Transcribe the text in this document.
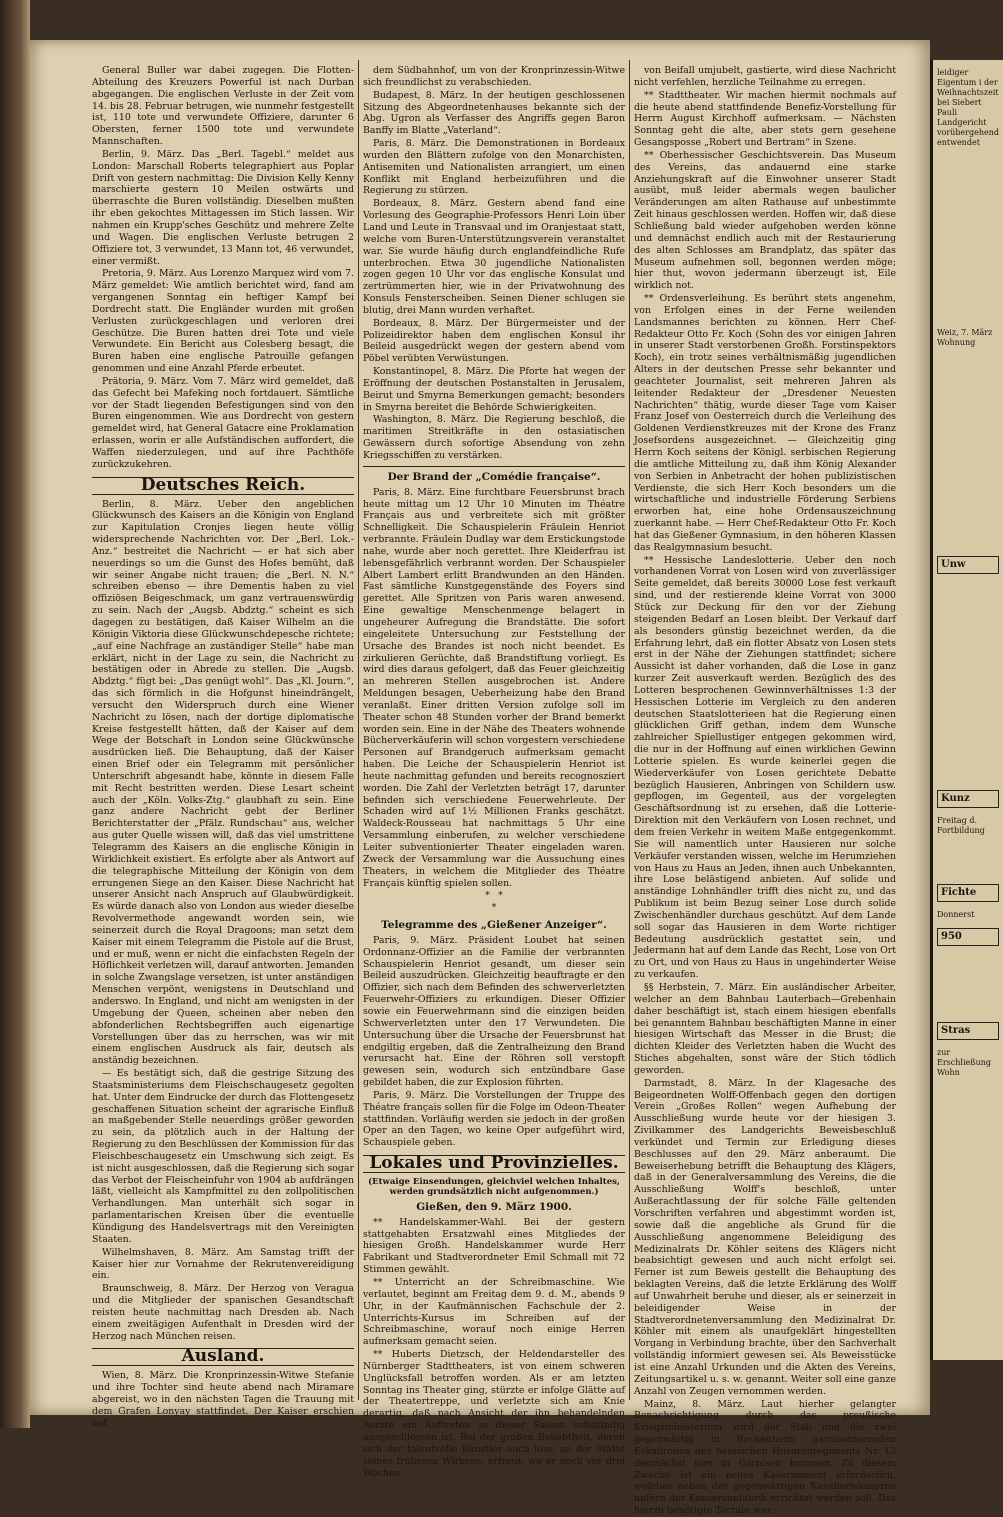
General Buller war dabei zugegen. Die Flotten-Abteilung des Kreuzers Powerful ist nach Durban abgegangen. Die englischen Verluste in der Zeit vom 14. bis 28. Februar betrugen, wie nunmehr festgestellt ist, 110 tote und verwundete Offiziere, darunter 6 Obersten, ferner 1500 tote und verwundete Mannschaften.

Berlin, 9. März. Das „Berl. Tagebl.“ meldet aus London: Marschall Roberts telegraphiert aus Poplar Drift von gestern nachmittag: Die Division Kelly Kenny marschierte gestern 10 Meilen ostwärts und überraschte die Buren vollständig. Dieselben mußten ihr eben gekochtes Mittagessen im Stich lassen. Wir nahmen ein Krupp'sches Geschütz und mehrere Zelte und Wagen. Die englischen Verluste betrugen 2 Offiziere tot, 3 verwundet, 13 Mann tot, 46 verwundet, einer vermißt.

Pretoria, 9. März. Aus Lorenzo Marquez wird vom 7. März gemeldet: Wie amtlich berichtet wird, fand am vergangenen Sonntag ein heftiger Kampf bei Dordrecht statt. Die Engländer wurden mit großen Verlusten zurückgeschlagen und verloren drei Geschütze. Die Buren hatten drei Tote und viele Verwundete. Ein Bericht aus Colesberg besagt, die Buren haben eine englische Patrouille gefangen genommen und eine Anzahl Pferde erbeutet.

Prätoria, 9. März. Vom 7. März wird gemeldet, daß das Gefecht bei Mafeking noch fortdauert. Sämtliche vor der Stadt liegenden Befestigungen sind von den Buren eingenommen. Wie aus Dordrecht von gestern gemeldet wird, hat General Gatacre eine Proklamation erlassen, worin er alle Aufständischen auffordert, die Waffen niederzulegen, und auf ihre Pachthöfe zurückzukehren.

Deutsches Reich.

Berlin, 8. März. Ueber den angeblichen Glückwunsch des Kaisers an die Königin von England zur Kapitulation Cronjes liegen heute völlig widersprechende Nachrichten vor. Der „Berl. Lok.-Anz.“ bestreitet die Nachricht — er hat sich aber neuerdings so um die Gunst des Hofes bemüht, daß wir seiner Angabe nicht trauen; die „Berl. N. N.“ schreiben ebenso — ihre Dementis haben zu viel offiziösen Beigeschmack, um ganz vertrauenswürdig zu sein. Nach der „Augsb. Abdztg.“ scheint es sich dagegen zu bestätigen, daß Kaiser Wilhelm an die Königin Viktoria diese Glückwunschdepesche richtete; „auf eine Nachfrage an zuständiger Stelle“ habe man erklärt, nicht in der Lage zu sein, die Nachricht zu bestätigen oder in Abrede zu stellen. Die „Augsb. Abdztg.“ fügt bei: „Das genügt wohl“. Das „Kl. Journ.“, das sich förmlich in die Hofgunst hineindrängelt, versucht den Widerspruch durch eine Wiener Nachricht zu lösen, nach der dortige diplomatische Kreise festgestellt hätten, daß der Kaiser auf dem Wege der Botschaft in London seine Glückwünsche ausdrücken ließ. Die Behauptung, daß der Kaiser einen Brief oder ein Telegramm mit persönlicher Unterschrift abgesandt habe, könnte in diesem Falle mit Recht bestritten werden. Diese Lesart scheint auch der „Köln. Volks-Ztg.“ glaubhaft zu sein. Eine ganz andere Nachricht gebt der Berliner Berichterstatter der „Pfälz. Rundschau“ aus, welcher aus guter Quelle wissen will, daß das viel umstrittene Telegramm des Kaisers an die englische Königin in Wirklichkeit existiert. Es erfolgte aber als Antwort auf die telegraphische Mitteilung der Königin von dem errungenen Siege an den Kaiser. Diese Nachricht hat unserer Ansicht nach Anspruch auf Glaubwürdigkeit. Es würde danach also von London aus wieder dieselbe Revolvermethode angewandt worden sein, wie seinerzeit durch die Royal Dragoons; man setzt dem Kaiser mit einem Telegramm die Pistole auf die Brust, und er muß, wenn er nicht die einfachsten Regeln der Höflichkeit verletzen will, darauf antworten. Jemanden in solche Zwangslage versetzen, ist unter anständigen Menschen verpönt, wenigstens in Deutschland und anderswo. In England, und nicht am wenigsten in der Umgebung der Queen, scheinen aber neben den abfonderlichen Rechtsbegriffen auch eigenartige Vorstellungen über das zu herrschen, was wir mit einem englischen Ausdruck als fair, deutsch als anständig bezeichnen.

— Es bestätigt sich, daß die gestrige Sitzung des Staatsministeriums dem Fleischschaugesetz gegolten hat. Unter dem Eindrucke der durch das Flottengesetz geschaffenen Situation scheint der agrarische Einfluß an maßgebender Stelle neuerdings größer geworden zu sein, da plötzlich auch in der Haltung der Regierung zu den Beschlüssen der Kommission für das Fleischbeschaugesetz ein Umschwung sich zeigt. Es ist nicht ausgeschlossen, daß die Regierung sich sogar das Verbot der Fleischeinfuhr von 1904 ab aufdrängen läßt, vielleicht als Kampfmittel zu den zollpolitischen Verhandlungen. Man unterhält sich sogar in parlamentarischen Kreisen über die eventuelle Kündigung des Handelsvertrags mit den Vereinigten Staaten.

Wilhelmshaven, 8. März. Am Samstag trifft der Kaiser hier zur Vornahme der Rekrutenvereidigung ein.

Braunschweig, 8. März. Der Herzog von Veragua und die Mitglieder der spanischen Gesandtschaft reisten heute nachmittag nach Dresden ab. Nach einem zweitägigen Aufenthalt in Dresden wird der Herzog nach München reisen.

Ausland.

Wien, 8. März. Die Kronprinzessin-Witwe Stefanie und ihre Tochter sind heute abend nach Miramare abgereist, wo in den nächsten Tagen die Trauung mit dem Grafen Lonyay stattfindet. Der Kaiser erschien auf

dem Südbahnhof, um von der Kronprinzessin-Witwe sich freundlichst zu verabschieden.

Budapest, 8. März. In der heutigen geschlossenen Sitzung des Abgeordnetenhauses bekannte sich der Abg. Ugron als Verfasser des Angriffs gegen Baron Banffy im Blatte „Vaterland“.

Paris, 8. März. Die Demonstrationen in Bordeaux wurden den Blättern zufolge von den Monarchisten, Antisemiten und Nationalisten arrangiert, um einen Konflikt mit England herbeizuführen und die Regierung zu stürzen.

Bordeaux, 8. März. Gestern abend fand eine Vorlesung des Geographie-Professors Henri Loin über Land und Leute in Transvaal und im Oranjestaat statt, welche vom Buren-Unterstützungsverein veranstaltet war. Sie wurde häufig durch englandfeindliche Rufe unterbrochen. Etwa 30 jugendliche Nationalisten zogen gegen 10 Uhr vor das englische Konsulat und zertrümmerten hier, wie in der Privatwohnung des Konsuls Fensterscheiben. Seinen Diener schlugen sie blutig, drei Mann wurden verhaftet.

Bordeaux, 8. März. Der Bürgermeister und der Polizeidirektor haben dem englischen Konsul ihr Beileid ausgedrückt wegen der gestern abend vom Pöbel verübten Verwüstungen.

Konstantinopel, 8. März. Die Pforte hat wegen der Eröffnung der deutschen Postanstalten in Jerusalem, Beirut und Smyrna Bemerkungen gemacht; besonders in Smyrna bereitet die Behörde Schwierigkeiten.

Washington, 8. März. Die Regierung beschloß, die maritimen Streitkräfte in den ostasiatischen Gewässern durch sofortige Absendung von zehn Kriegsschiffen zu verstärken.

Der Brand der „Comédie française“.

Paris, 8. März. Eine furchtbare Feuersbrunst brach heute mittag um 12 Uhr 10 Minuten im Théatre Français aus und verbreitete sich mit größter Schnelligkeit. Die Schauspielerin Fräulein Henriot verbrannte. Fräulein Dudlay war dem Erstickungstode nahe, wurde aber noch gerettet. Ihre Kleiderfrau ist lebensgefährlich verbrannt worden. Der Schauspieler Albert Lambert erlitt Brandwunden an den Händen. Fast sämtliche Kunstgegenstände des Foyers sind gerettet. Alle Spritzen von Paris waren anwesend. Eine gewaltige Menschenmenge belagert in ungeheurer Aufregung die Brandstätte. Die sofort eingeleitete Untersuchung zur Feststellung der Ursache des Brandes ist noch nicht beendet. Es zirkulieren Gerüchte, daß Brandstiftung vorliegt. Es wird dies daraus gefolgert, daß das Feuer gleichzeitig an mehreren Stellen ausgebrochen ist. Andere Meldungen besagen, Ueberheizung habe den Brand veranlaßt. Einer dritten Version zufolge soll im Theater schon 48 Stunden vorher der Brand bemerkt worden sein. Eine in der Nähe des Theaters wohnende Bücherverkäuferin will schon vorgestern verschiedene Personen auf Brandgeruch aufmerksam gemacht haben. Die Leiche der Schauspielerin Henriot ist heute nachmittag gefunden und bereits recognosziert worden. Die Zahl der Verletzten beträgt 17, darunter befinden sich verschiedene Feuerwehrleute. Der Schaden wird auf 1½ Millionen Franks geschätzt. Waldeck-Rousseau hat nachmittags 5 Uhr eine Versammlung einberufen, zu welcher verschiedene Leiter subventionierter Theater eingeladen waren. Zweck der Versammlung war die Aussuchung eines Theaters, in welchem die Mitglieder des Théatre Français künftig spielen sollen.

*   *
*
Telegramme des „Gießener Anzeiger“.

Paris, 9. März. Präsident Loubet hat seinen Ordonnanz-Offizier an die Familie der verbrannten Schauspielerin Henriot gesandt, um dieser sein Beileid auszudrücken. Gleichzeitig beauftragte er den Offizier, sich nach dem Befinden des schwerverletzten Feuerwehr-Offiziers zu erkundigen. Dieser Offizier sowie ein Feuerwehrmann sind die einzigen beiden Schwerverletzten unter den 17 Verwundeten. Die Untersuchung über die Ursache der Feuersbrunst hat endgiltig ergeben, daß die Zentralheizung den Brand verursacht hat. Eine der Röhren soll verstopft gewesen sein, wodurch sich entzündbare Gase gebildet haben, die zur Explosion führten.

Paris, 9. März. Die Vorstellungen der Truppe des Théatre français sollen für die Folge im Odeon-Theater stattfinden. Vorläufig werden sie jedoch in der großen Oper an den Tagen, wo keine Oper aufgeführt wird, Schauspiele geben.

Lokales und Provinzielles.
(Etwaige Einsendungen, gleichviel welchen Inhaltes, werden grundsätzlich nicht aufgenommen.)
Gießen, den 9. März 1900.

** Handelskammer-Wahl. Bei der gestern stattgehabten Ersatzwahl eines Mitgliedes der hiesigen Großh. Handelskammer wurde Herr Fabrikant und Stadtverordneter Emil Schmall mit 72 Stimmen gewählt.

** Unterricht an der Schreibmaschine. Wie verlautet, beginnt am Freitag dem 9. d. M., abends 9 Uhr, in der Kaufmännischen Fachschule der 2. Unterrichts-Kursus im Schreiben auf der Schreibmaschine, worauf noch einige Herren aufmerksam gemacht seien.

** Huberts Dietzsch, der Heldendarsteller des Nürnberger Stadttheaters, ist von einem schweren Unglücksfall betroffen worden. Als er am letzten Sonntag ins Theater ging, stürzte er infolge Glätte auf der Theatertreppe, und verletzte sich am Knie derartig, daß nach Ansicht der ihn behandelnden Aerzte ein Auftreten in dieser Saison vollständig ausgeschlossen ist. Bei der großen Beliebtheit, deren sich der talentvolle Künstler auch hier, an der Stätte seines früheren Wirkens, erfreut, wo er noch vor drei Wochen

von Beifall umjubelt, gastierte, wird diese Nachricht nicht verfehlen, herzliche Teilnahme zu erregen.

** Stadttheater. Wir machen hiermit nochmals auf die heute abend stattfindende Benefiz-Vorstellung für Herrn August Kirchhoff aufmerksam. — Nächsten Sonntag geht die alte, aber stets gern gesehene Gesangsposse „Robert und Bertram“ in Szene.

** Oberhessischer Geschichtsverein. Das Museum des Vereins, das andauernd eine starke Anziehungskraft auf die Einwohner unserer Stadt ausübt, muß leider abermals wegen baulicher Veränderungen am alten Rathause auf unbestimmte Zeit hinaus geschlossen werden. Hoffen wir, daß diese Schließung bald wieder aufgehoben werden könne und demnächst endlich auch mit der Restaurierung des alten Schlosses am Brandplatz, das später das Museum aufnehmen soll, begonnen werden möge; hier thut, wovon jedermann überzeugt ist, Eile wirklich not.

** Ordensverleihung. Es berührt stets angenehm, von Erfolgen eines in der Ferne weilenden Landsmannes berichten zu können. Herr Chef-Redakteur Otto Fr. Koch (Sohn des vor einigen Jahren in unserer Stadt verstorbenen Großh. Forstinspektors Koch), ein trotz seines verhältnismäßig jugendlichen Alters in der deutschen Presse sehr bekannter und geachteter Journalist, seit mehreren Jahren als leitender Redakteur der „Dresdener Neuesten Nachrichten“ thätig, wurde dieser Tage vom Kaiser Franz Josef von Oesterreich durch die Verleihung des Goldenen Verdienstkreuzes mit der Krone des Franz Josefsordens ausgezeichnet. — Gleichzeitig ging Herrn Koch seitens der Königl. serbischen Regierung die amtliche Mitteilung zu, daß ihm König Alexander von Serbien in Anbetracht der hohen publizistischen Verdienste, die sich Herr Koch besonders um die wirtschaftliche und industrielle Förderung Serbiens erworben hat, eine hohe Ordensauszeichnung zuerkannt habe. — Herr Chef-Redakteur Otto Fr. Koch hat das Gießener Gymnasium, in den höheren Klassen das Realgymnasium besucht.

** Hessische Landeslotterie. Ueber den noch vorhandenen Vorrat von Losen wird von zuverlässiger Seite gemeldet, daß bereits 30000 Lose fest verkauft sind, und der restierende kleine Vorrat von 3000 Stück zur Deckung für den vor der Ziehung steigenden Bedarf an Losen bleibt. Der Verkauf darf als besonders günstig bezeichnet werden, da die Erfahrung lehrt, daß ein flotter Absatz von Losen stets erst in der Nähe der Ziehungen stattfindet; sichere Aussicht ist daher vorhanden, daß die Lose in ganz kurzer Zeit ausverkauft werden. Bezüglich des des Lotteren besprochenen Gewinnverhältnisses 1:3 der Hessischen Lotterie im Vergleich zu den anderen deutschen Staatslotterieen hat die Regierung einen glücklichen Griff gethan, indem dem Wunsche zahlreicher Spiellustiger entgegen gekommen wird, die nur in der Hoffnung auf einen wirklichen Gewinn Lotterie spielen. Es wurde keinerlei gegen die Wiederverkäufer von Losen gerichtete Debatte bezüglich Hausieren, Anbringen von Schildern usw. gepflogen, im Gegenteil, aus der vorgelegten Geschäftsordnung ist zu ersehen, daß die Lotterie-Direktion mit den Verkäufern von Losen rechnet, und dem freien Verkehr in weitem Maße entgegenkommt. Sie will namentlich unter Hausieren nur solche Verkäufer verstanden wissen, welche im Herumziehen von Haus zu Haus an Jeden, ihnen auch Unbekannten, ihre Lose belästigend anbieten. Auf solide und anständige Lohnhändler trifft dies nicht zu, und das Publikum ist beim Bezug seiner Lose durch solide Zwischenhändler durchaus geschützt. Auf dem Lande soll sogar das Hausieren in dem Worte richtiger Bedeutung ausdrücklich gestattet sein, und Jedermann hat auf dem Lande das Recht, Lose von Ort zu Ort, und von Haus zu Haus in ungehinderter Weise zu verkaufen.

§§ Herbstein, 7. März. Ein ausländischer Arbeiter, welcher an dem Bahnbau Lauterbach—Grebenhain daher beschäftigt ist, stach einem hiesigen ebenfalls bei genanntem Bahnbau beschäftigten Manne in einer hiesigen Wirtschaft das Messer in die Brust; die dichten Kleider des Verletzten haben die Wucht des Stiches abgehalten, sonst wäre der Stich tödlich geworden.

Darmstadt, 8. März. In der Klagesache des Beigeordneten Wolff-Offenbach gegen den dortigen Verein „Großes Rollen“ wegen Aufhebung der Ausschließung wurde heute vor der hiesigen 3. Zivilkammer des Landgerichts Beweisbeschluß verkündet und Termin zur Erledigung dieses Beschlusses auf den 29. März anberaumt. Die Beweiserhebung betrifft die Behauptung des Klägers, daß in der Generalversammlung des Vereins, die die Ausschließung Wolff's beschloß, unter Außerachtlassung der für solche Fälle geltenden Vorschriften verfahren und abgestimmt worden ist, sowie daß die angebliche als Grund für die Ausschließung angenommene Beleidigung des Medizinalrats Dr. Köhler seitens des Klägers nicht beabsichtigt gewesen und auch nicht erfolgt sei. Ferner ist zum Beweis gestellt die Behauptung des beklagten Vereins, daß die letzte Erklärung des Wolff auf Unwahrheit beruhe und dieser, als er seinerzeit in beleidigender Weise in der Stadtverordnetenversammlung den Medizinalrat Dr. Köhler mit einem als unaufgeklärt hingestellten Vorgang in Verbindung brachte, über den Sachverhalt vollständig informiert gewesen sei. Als Beweisstücke ist eine Anzahl Urkunden und die Akten des Vereins, Zeitungsartikel u. s. w. genannt. Weiter soll eine ganze Anzahl von Zeugen vernommen werden.

Mainz, 8. März. Laut hierher gelangter Benachrichtigung durch das preußische Kriegsministerium wird der Stab und die zwei gegenwärtig in Bockenheim garnisonierenden Eskadronen des hessischen Husarenregiments Nr. 13 demnächst hier in Garnison kommen. Zu diesem Zwecke ist ein neues Kasernement erforderlich, welches neben der gegenwärtigen Kavalleriekaserne unfern der Konservenfabrik errichtet werden soll. Das hierzu benötigte Terrain war

leidiger Eigentum i der Weihnachtszeit bei Siebert Pauli Landgericht vorübergehend entwendet
Weiz, 7. März Wohnung
Unw
Kunz
Freitag d. Fortbildung
Fichte
Donnerst
950
Stras
zur Erschließung Wohn
